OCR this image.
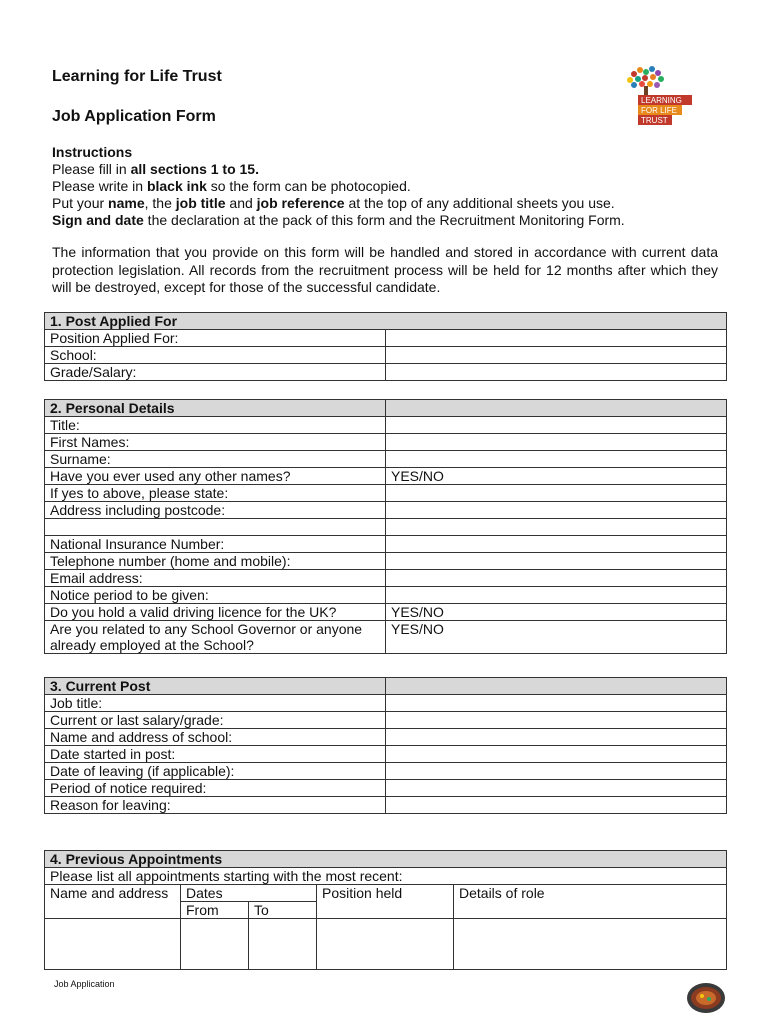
Learning for Life Trust
Job Application Form
LEARNING
FOR LIFE
TRUST
Instructions
Please fill in all sections 1 to 15.
Please write in black ink so the form can be photocopied.
Put your name, the job title and job reference at the top of any additional sheets you use.
Sign and date the declaration at the pack of this form and the Recruitment Monitoring Form.
The information that you provide on this form will be handled and stored in accordance with current data protection legislation. All records from the recruitment process will be held for 12 months after which they will be destroyed, except for those of the successful candidate.
1. Post Applied For	
Position Applied For:	
School:	
Grade/Salary:	
2. Personal Details	
Title:	
First Names:	
Surname:	
Have you ever used any other names?	YES/NO
If yes to above, please state:	
Address including postcode:	

National Insurance Number:	
Telephone number (home and mobile):	
Email address:	
Notice period to be given:	
Do you hold a valid driving licence for the UK?	YES/NO
Are you related to any School Governor or anyone already employed at the School?	YES/NO
3. Current Post	
Job title:	
Current or last salary/grade:	
Name and address of school:	
Date started in post:	
Date of leaving (if applicable):	
Period of notice required:	
Reason for leaving:	
4. Previous Appointments				
Please list all appointments starting with the most recent:				
Name and address	Dates		Position held	Details of role
	From	To		

Job Application
